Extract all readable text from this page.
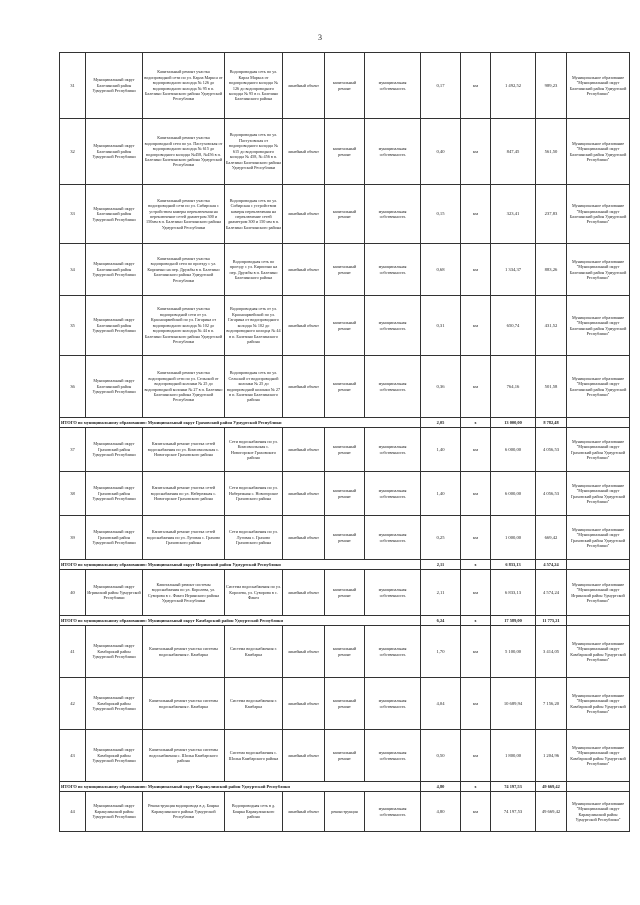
3
31	Муниципальный округ Балезинский район Удмуртской Республики	Капитальный ремонт участка водопроводной сети по ул. Карла Маркса от водопроводного колодца № 126 до водопроводного колодца № 95 в п. Балезино Балезинского района Удмуртской Республики	Водопроводная сеть по ул. Карла Маркса от водопроводного колодца № 126 до водопроводного колодца № 95 в п. Балезино Балезинского района	линейный объект	капитальный ремонт	муниципальная собственность	0,17	км	1 492,52	989,23	Муниципальное образование "Муниципальный округ Балезинский район Удмуртской Республики"
32	Муниципальный округ Балезинский район Удмуртской Республики	Капитальный ремонт участка водопроводной сети по ул. Пастуховская от водопроводного колодца № 615 до водопроводного колодца №458, №456 в п. Балезино Балезинского района Удмуртской Республики	Водопроводная сеть по ул. Пастуховская от водопроводного колодца № 615 до водопроводного колодца № 458, № 456 в п. Балезино Балезинского района Удмуртской Республики	линейный объект	капитальный ремонт	муниципальная собственность	0,40	км	847,45	561,50	Муниципальное образование "Муниципальный округ Балезинский район Удмуртской Республики"
33	Муниципальный округ Балезинский район Удмуртской Республики	Капитальный ремонт участка водопроводной сети по ул. Сибирская с устройством камеры переключения на переключение сетей диаметром 300 и 150мм в п. Балезино Балезинского района Удмуртской Республики	Водопроводная сеть по ул. Сибирская с устройством камеры переключения на переключение сетей диаметром 300 и 150 мм в п. Балезино Балезинского района	линейный объект	капитальный ремонт	муниципальная собственность	0,15	км	323,41	237,83	Муниципальное образование "Муниципальный округ Балезинский район Удмуртской Республики"
34	Муниципальный округ Балезинский район Удмуртской Республики	Капитальный ремонт участка водопроводной сети по проезду с ул. Кирпично на пер. Дружбы в п. Балезино Балезинского района Удмуртской Республики	Водопроводная сеть по проезду с ул. Кирпично на пер. Дружбы в п. Балезино Балезинского района	линейный объект	капитальный ремонт	муниципальная собственность	0,68	км	1 334,37	883,26	Муниципальное образование "Муниципальный округ Балезинский район Удмуртской Республики"
35	Муниципальный округ Балезинский район Удмуртской Республики	Капитальный ремонт участка водопроводной сети от ул. Красноармейской по ул. Гагарина от водопроводного колодца № 102 до водопроводного колодца № 44 в п. Балезино Балезинского района Удмуртской Республики	Водопроводная сеть от ул. Красноармейской по ул. Гагарина от водопроводного колодца № 102 до водопроводного колодца № 44 в п. Балезино Балезинского района	линейный объект	капитальный ремонт	муниципальная собственность	0,31	км	650,74	431,52	Муниципальное образование "Муниципальный округ Балезинский район Удмуртской Республики"
36	Муниципальный округ Балезинский район Удмуртской Республики	Капитальный ремонт участка водопроводной сети по ул. Сельской от водопроводной колонки № 25 до водопроводной колонки № 27 в п. Балезино Балезинского района Удмуртской Республики	Водопроводная сеть по ул. Сельской от водопроводной колонки № 25 до водопроводной колонки № 27 в п. Балезино Балезинского района	линейный объект	капитальный ремонт	муниципальная собственность	0,36	км	764,16	501,58	Муниципальное образование "Муниципальный округ Балезинский район Удмуртской Республики"
ИТОГО по муниципальному образованию: Муниципальный округ Граховский район Удмуртской Республики							2,05	х	13 000,00	8 782,48	
37	Муниципальный округ Граховский район Удмуртской Республики	Капитальный ремонт участка сетей водоснабжения по ул. Комсомольская с. Новогорское Граховского района	Сети водоснабжения по ул. Комсомольская с. Новогорское Граховского района	линейный объект	капитальный ремонт	муниципальная собственность	1,40	км	6 000,00	4 056,53	Муниципальное образование "Муниципальный округ Граховский район Удмуртской Республики"
38	Муниципальный округ Граховский район Удмуртской Республики	Капитальный ремонт участка сетей водоснабжения по ул. Набережная с. Новогорское Граховского района	Сети водоснабжения по ул. Набережная с. Новогорское Граховского района	линейный объект	капитальный ремонт	муниципальная собственность	1,40	км	6 000,00	4 056,53	Муниципальное образование "Муниципальный округ Граховский район Удмуртской Республики"
39	Муниципальный округ Граховский район Удмуртской Республики	Капитальный ремонт участка сетей водоснабжения по ул. Луговая с. Грахово Граховского района	Сети водоснабжения по ул. Луговая с. Грахово Граховского района	линейный объект	капитальный ремонт	муниципальная собственность	0,25	км	1 000,00	669,42	Муниципальное образование "Муниципальный округ Граховский район Удмуртской Республики"
ИТОГО по муниципальному образованию: Муниципальный округ Игринский район Удмуртской Республики							2,11	х	6 833,13	4 574,24	
40	Муниципальный округ Игринский район Удмуртской Республики	Капитальный ремонт системы водоснабжения по ул. Королева, ул. Суворова в с. Факел Игринского района Удмуртской Республики	Система водоснабжения по ул. Королева, ул. Суворова в с. Факел	линейный объект	капитальный ремонт	муниципальная собственность	2,11	км	6 833,13	4 574,24	Муниципальное образование "Муниципальный округ Игринский район Удмуртской Республики"
ИТОГО по муниципальному образованию: Муниципальный округ Камбарский район Удмуртской Республики							6,24	х	17 589,00	11 775,21	
41	Муниципальный округ Камбарский район Удмуртской Республики	Капитальный ремонт участка системы водоснабжения г. Камбарка	Система водоснабжения г. Камбарка	линейный объект	капитальный ремонт	муниципальная собственность	1,70	км	5 100,00	3 414,05	Муниципальное образование "Муниципальный округ Камбарский район Удмуртской Республики"
42	Муниципальный округ Камбарский район Удмуртской Республики	Капитальный ремонт участка системы водоснабжения г. Камбарка	Система водоснабжения г. Камбарка	линейный объект	капитальный ремонт	муниципальная собственность	4,04	км	10 689,94	7 156,20	Муниципальное образование "Муниципальный округ Камбарский район Удмуртской Республики"
43	Муниципальный округ Камбарский район Удмуртской Республики	Капитальный ремонт участка системы водоснабжения с. Шолья Камбарского района	Система водоснабжения с. Шолья Камбарского района	линейный объект	капитальный ремонт	муниципальная собственность	0,50	км	1 800,00	1 204,96	Муниципальное образование "Муниципальный округ Камбарский район Удмуртской Республики"
ИТОГО по муниципальному образованию: Муниципальный округ Каракулинский район Удмуртской Республики							4,80	х	74 197,53	49 669,42	
44	Муниципальный округ Каракулинский район Удмуртской Республики	Реконструкция водопровода в д. Боярка Каракулинского района Удмуртской Республики	Водопроводная сеть в д. Боярка Каракулинского района	линейный объект	реконструкция	муниципальная собственность	4,80	км	74 197,53	49 669,42	Муниципальное образование "Муниципальный округ Каракулинский район Удмуртской Республики"
